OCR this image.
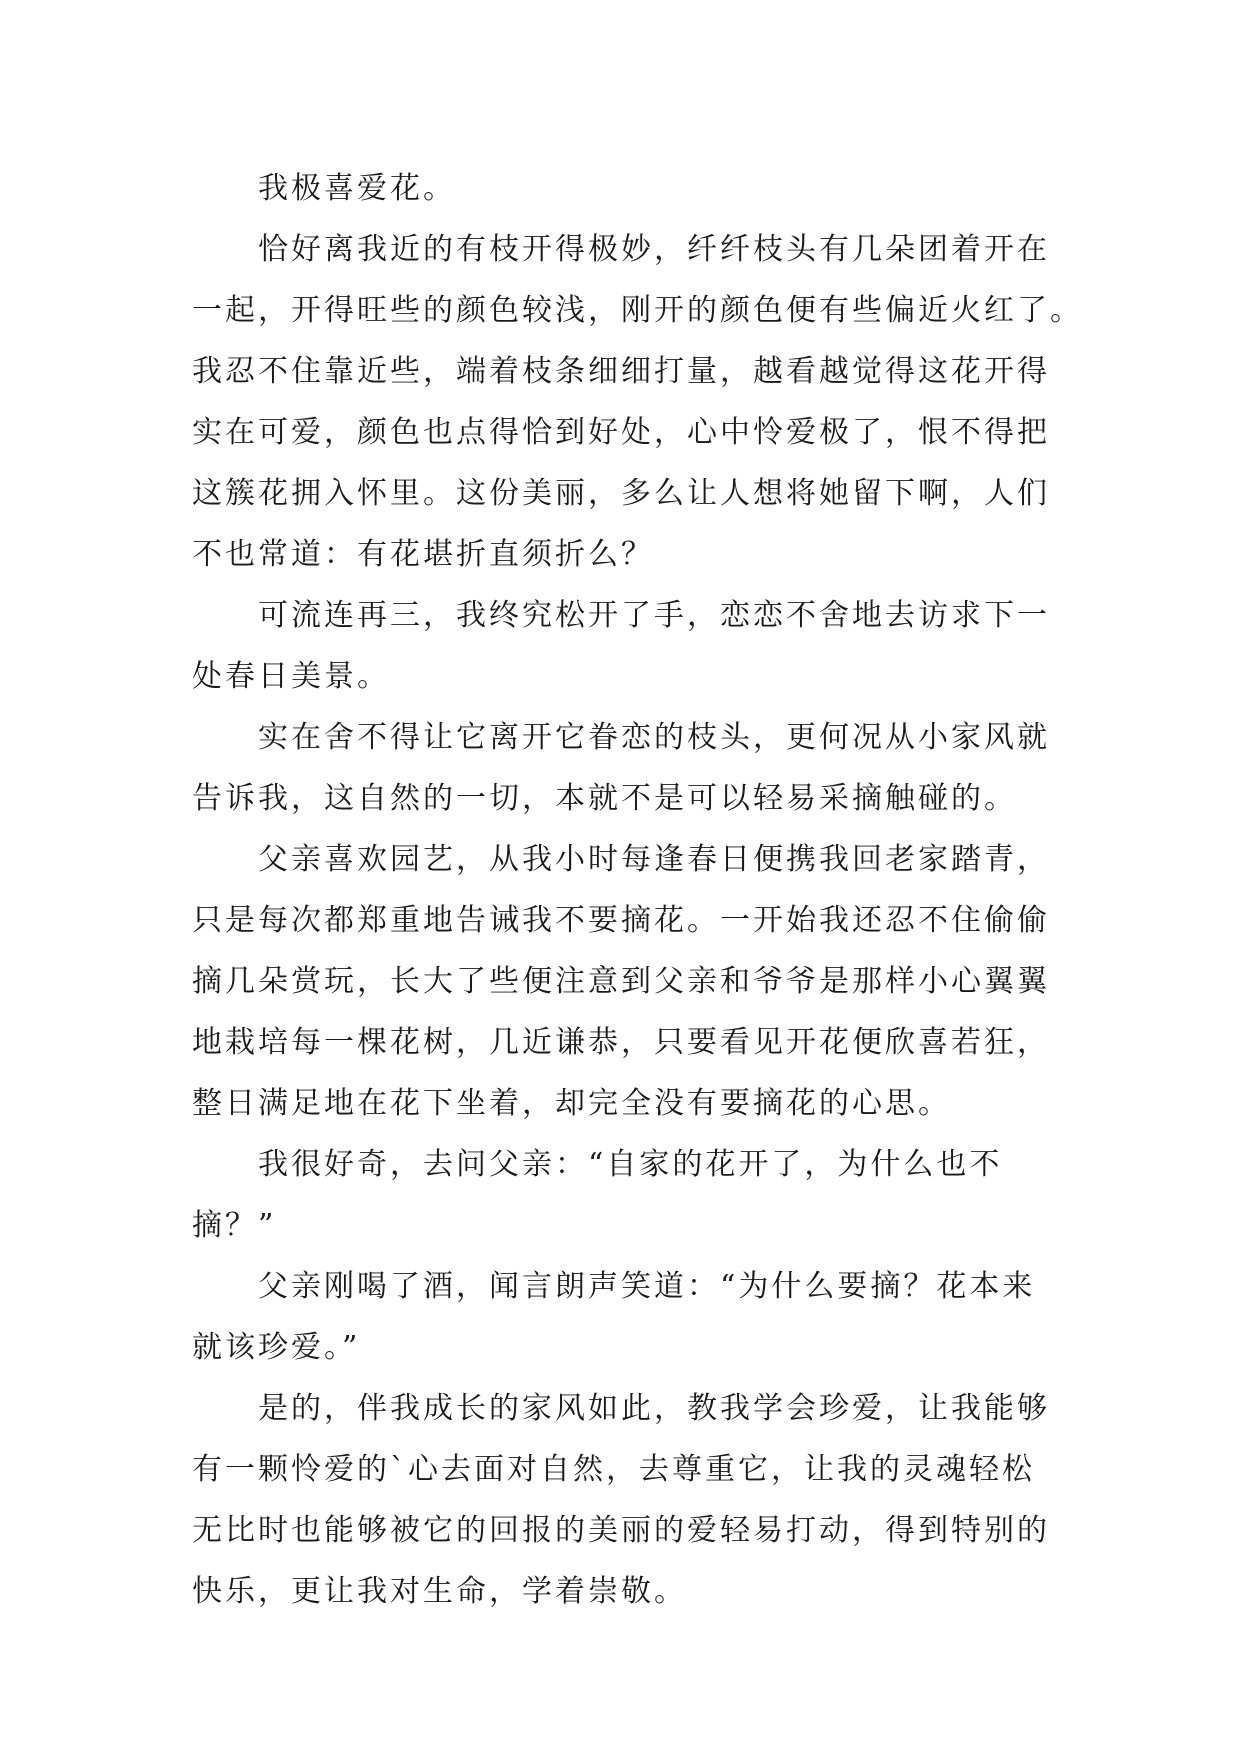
我极喜爱花。

恰好离我近的有枝开得极妙，纤纤枝头有几朵团着开在
一起，开得旺些的颜色较浅，刚开的颜色便有些偏近火红了。
我忍不住靠近些，端着枝条细细打量，越看越觉得这花开得
实在可爱，颜色也点得恰到好处，心中怜爱极了，恨不得把
这簇花拥入怀里。这份美丽，多么让人想将她留下啊，人们
不也常道：有花堪折直须折么？

可流连再三，我终究松开了手，恋恋不舍地去访求下一
处春日美景。

实在舍不得让它离开它眷恋的枝头，更何况从小家风就
告诉我，这自然的一切，本就不是可以轻易采摘触碰的。

父亲喜欢园艺，从我小时每逢春日便携我回老家踏青，
只是每次都郑重地告诫我不要摘花。一开始我还忍不住偷偷
摘几朵赏玩，长大了些便注意到父亲和爷爷是那样小心翼翼
地栽培每一棵花树，几近谦恭，只要看见开花便欣喜若狂，
整日满足地在花下坐着，却完全没有要摘花的心思。

我很好奇，去问父亲：“自家的花开了，为什么也不
摘？”

父亲刚喝了酒，闻言朗声笑道：“为什么要摘？花本来
就该珍爱。”

是的，伴我成长的家风如此，教我学会珍爱，让我能够
有一颗怜爱的`心去面对自然，去尊重它，让我的灵魂轻松
无比时也能够被它的回报的美丽的爱轻易打动，得到特别的
快乐，更让我对生命，学着崇敬。
